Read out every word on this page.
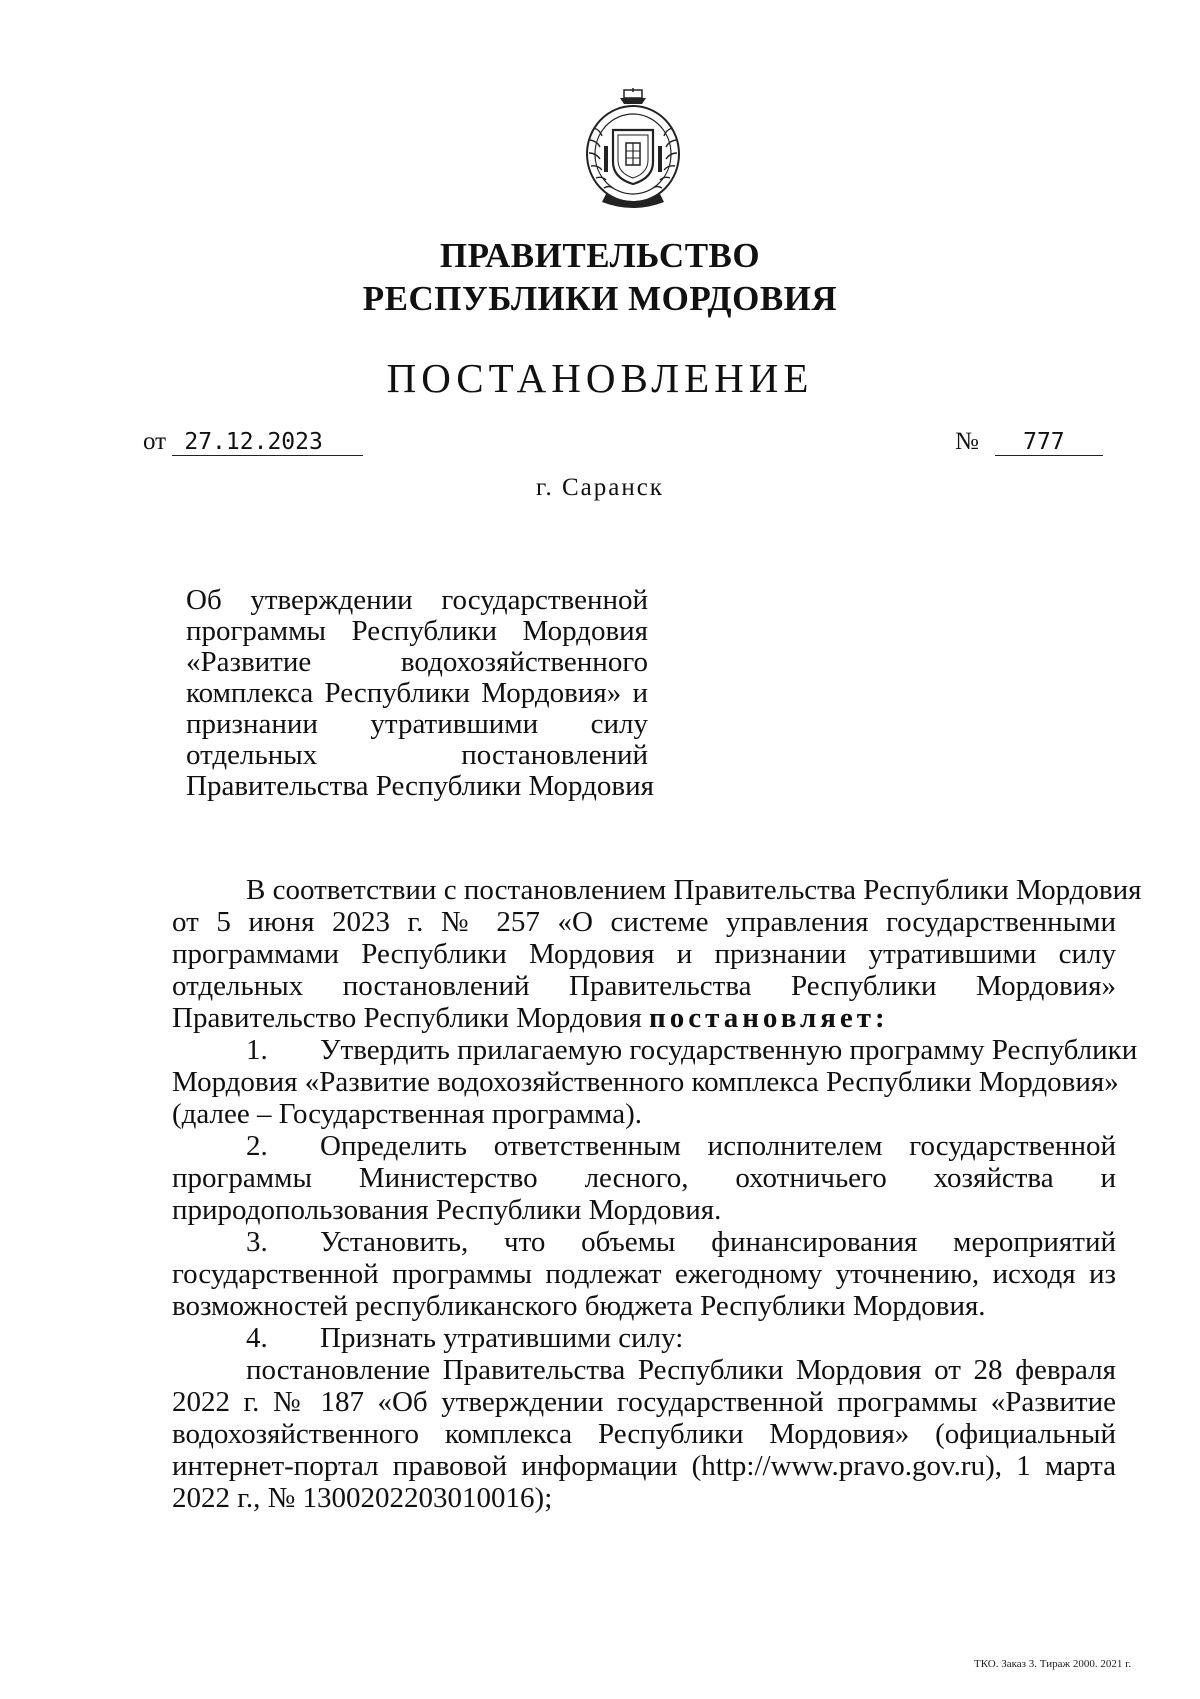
ПРАВИТЕЛЬСТВО
РЕСПУБЛИКИ МОРДОВИЯ
ПОСТАНОВЛЕНИЕ
от 27.12.2023	№ 777
г. Саранск
Об утверждении государственной
программы Республики Мордовия
«Развитие водохозяйственного
комплекса Республики Мордовия» и
признании утратившими силу
отдельных постановлений
Правительства Республики Мордовия
В соответствии с постановлением Правительства Республики Мордовия
от 5 июня 2023 г. № 257 «О системе управления государственными
программами Республики Мордовия и признании утратившими силу
отдельных постановлений Правительства Республики Мордовия»
Правительство Республики Мордовия постановляет:
1. Утвердить прилагаемую государственную программу Республики
Мордовия «Развитие водохозяйственного комплекса Республики Мордовия»
(далее – Государственная программа).
2. Определить ответственным исполнителем государственной
программы Министерство лесного, охотничьего хозяйства и
природопользования Республики Мордовия.
3. Установить, что объемы финансирования мероприятий
государственной программы подлежат ежегодному уточнению, исходя из
возможностей республиканского бюджета Республики Мордовия.
4. Признать утратившими силу:
постановление Правительства Республики Мордовия от 28 февраля
2022 г. № 187 «Об утверждении государственной программы «Развитие
водохозяйственного комплекса Республики Мордовия» (официальный
интернет-портал правовой информации (http://www.pravo.gov.ru), 1 марта
2022 г., № 1300202203010016);
ТКО. Заказ 3. Тираж 2000. 2021 г.
